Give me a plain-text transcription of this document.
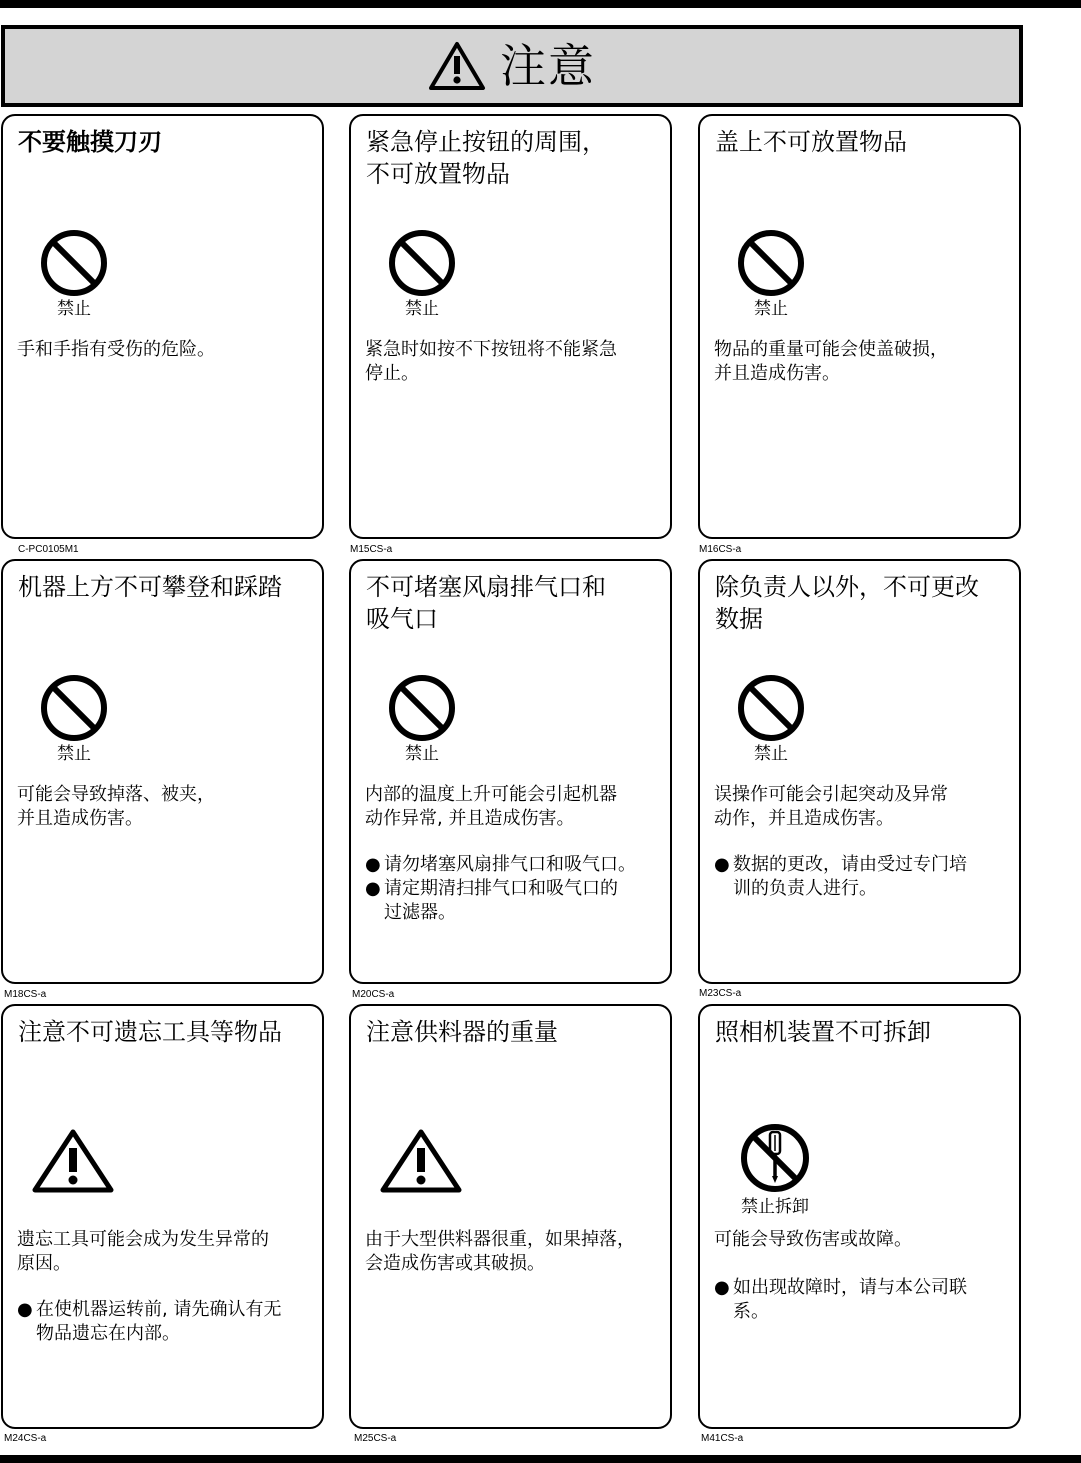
注意
不要触摸刀刃
禁止
手和手指有受伤的危险。
C-PC0105M1
紧急停止按钮的周围，
不可放置物品
禁止
紧急时如按不下按钮将不能紧急
停止。
M15CS-a
盖上不可放置物品
禁止
物品的重量可能会使盖破损，
并且造成伤害。
M16CS-a
机器上方不可攀登和踩踏
禁止
可能会导致掉落、被夹，
并且造成伤害。
M18CS-a
不可堵塞风扇排气口和
吸气口
禁止
内部的温度上升可能会引起机器
动作异常, 并且造成伤害。
● 请勿堵塞风扇排气口和吸气口。
● 请定期清扫排气口和吸气口的
过滤器。
M20CS-a
除负责人以外，不可更改
数据
禁止
误操作可能会引起突动及异常
动作，并且造成伤害。
● 数据的更改，请由受过专门培
训的负责人进行。
M23CS-a
注意不可遗忘工具等物品
遗忘工具可能会成为发生异常的
原因。
● 在使机器运转前, 请先确认有无
物品遗忘在内部。
M24CS-a
注意供料器的重量
由于大型供料器很重，如果掉落，
会造成伤害或其破损。
M25CS-a
照相机装置不可拆卸
禁止拆卸
可能会导致伤害或故障。
● 如出现故障时，请与本公司联
系。
M41CS-a
